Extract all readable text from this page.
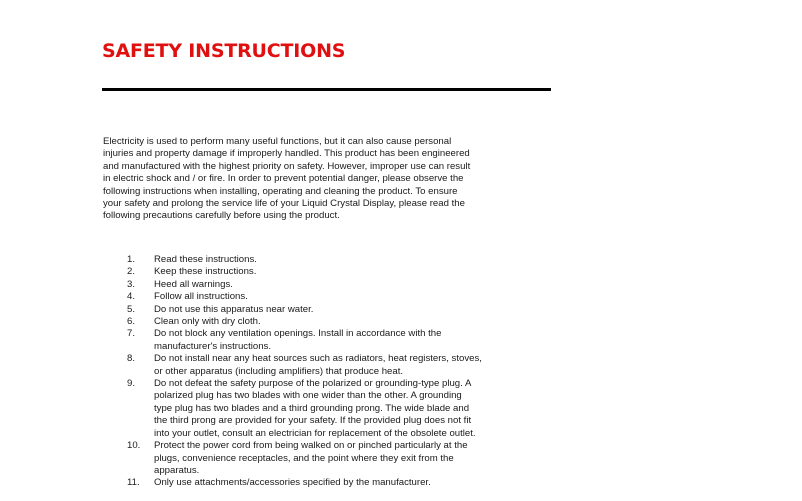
SAFETY INSTRUCTIONS

Electricity is used to perform many useful functions, but it can also cause personal
injuries and property damage if improperly handled. This product has been engineered
and manufactured with the highest priority on safety. However, improper use can result
in electric shock and / or fire. In order to prevent potential danger, please observe the
following instructions when installing, operating and cleaning the product. To ensure
your safety and prolong the service life of your Liquid Crystal Display, please read the
following precautions carefully before using the product.

1. Read these instructions.
2. Keep these instructions.
3. Heed all warnings.
4. Follow all instructions.
5. Do not use this apparatus near water.
6. Clean only with dry cloth.
7. Do not block any ventilation openings. Install in accordance with the
manufacturer's instructions.
8. Do not install near any heat sources such as radiators, heat registers, stoves,
or other apparatus (including amplifiers) that produce heat.
9. Do not defeat the safety purpose of the polarized or grounding-type plug. A
polarized plug has two blades with one wider than the other. A grounding
type plug has two blades and a third grounding prong. The wide blade and
the third prong are provided for your safety. If the provided plug does not fit
into your outlet, consult an electrician for replacement of the obsolete outlet.
10. Protect the power cord from being walked on or pinched particularly at the
plugs, convenience receptacles, and the point where they exit from the
apparatus.
11. Only use attachments/accessories specified by the manufacturer.
